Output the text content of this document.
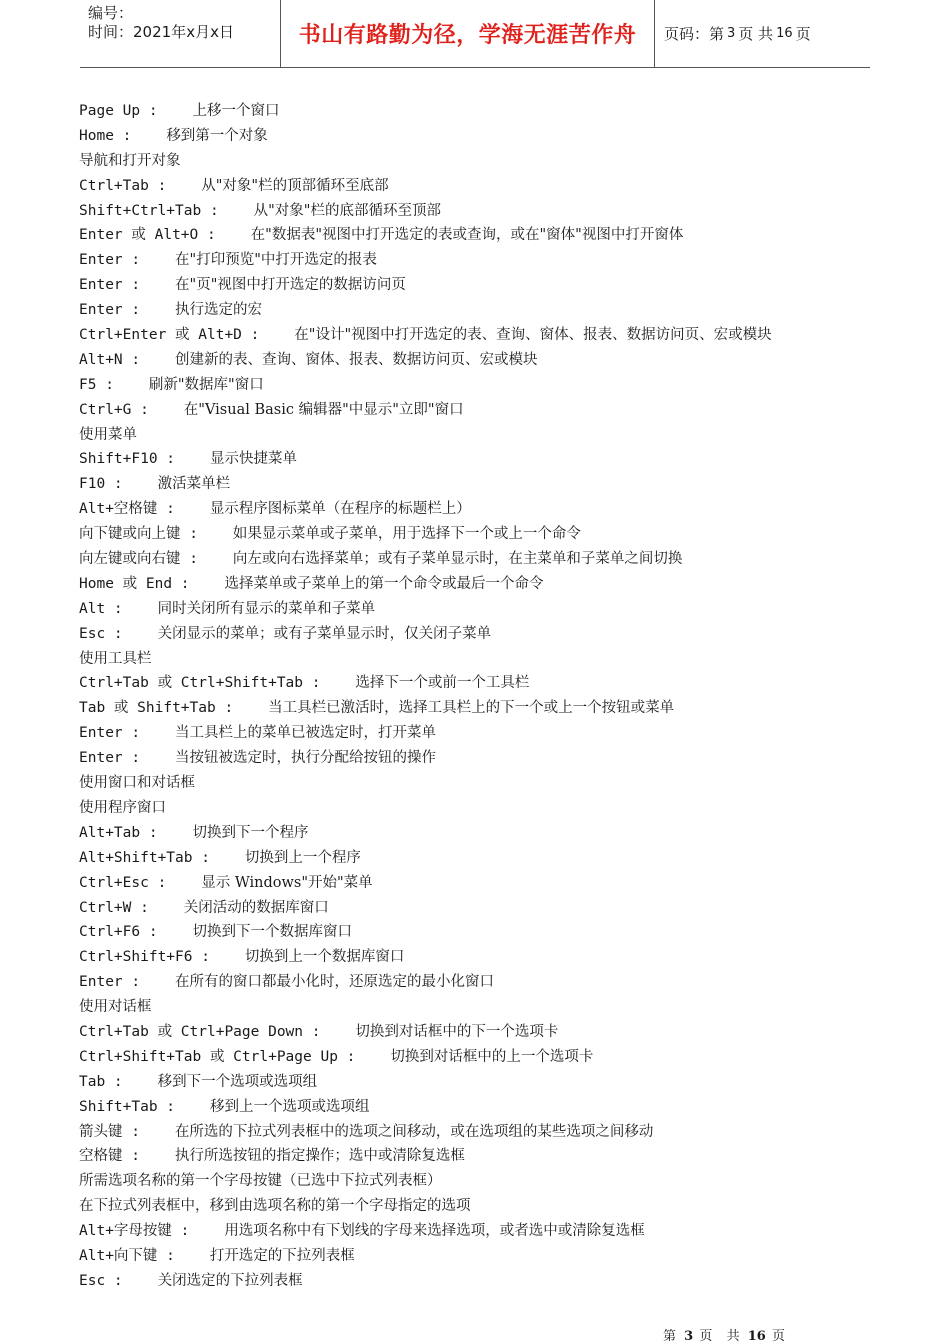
编号：
时间：2021年x月x日	书山有路勤为径，学海无涯苦作舟	页码：第 3 页 共 16 页
Page Up :    上移一个窗口
Home :    移到第一个对象
导航和打开对象
Ctrl+Tab :    从"对象"栏的顶部循环至底部
Shift+Ctrl+Tab :    从"对象"栏的底部循环至顶部
Enter 或 Alt+O :    在"数据表"视图中打开选定的表或查询，或在"窗体"视图中打开窗体
Enter :    在"打印预览"中打开选定的报表
Enter :    在"页"视图中打开选定的数据访问页
Enter :    执行选定的宏
Ctrl+Enter 或 Alt+D :    在"设计"视图中打开选定的表、查询、窗体、报表、数据访问页、宏或模块
Alt+N :    创建新的表、查询、窗体、报表、数据访问页、宏或模块
F5 :    刷新"数据库"窗口
Ctrl+G :    在"Visual Basic 编辑器"中显示"立即"窗口
使用菜单
Shift+F10 :    显示快捷菜单
F10 :    激活菜单栏
Alt+空格键 :    显示程序图标菜单（在程序的标题栏上）
向下键或向上键 :    如果显示菜单或子菜单，用于选择下一个或上一个命令
向左键或向右键 :    向左或向右选择菜单；或有子菜单显示时，在主菜单和子菜单之间切换
Home 或 End :    选择菜单或子菜单上的第一个命令或最后一个命令
Alt :    同时关闭所有显示的菜单和子菜单
Esc :    关闭显示的菜单；或有子菜单显示时，仅关闭子菜单
使用工具栏
Ctrl+Tab 或 Ctrl+Shift+Tab :    选择下一个或前一个工具栏
Tab 或 Shift+Tab :    当工具栏已激活时，选择工具栏上的下一个或上一个按钮或菜单
Enter :    当工具栏上的菜单已被选定时，打开菜单
Enter :    当按钮被选定时，执行分配给按钮的操作
使用窗口和对话框
使用程序窗口
Alt+Tab :    切换到下一个程序
Alt+Shift+Tab :    切换到上一个程序
Ctrl+Esc :    显示 Windows"开始"菜单
Ctrl+W :    关闭活动的数据库窗口
Ctrl+F6 :    切换到下一个数据库窗口
Ctrl+Shift+F6 :    切换到上一个数据库窗口
Enter :    在所有的窗口都最小化时，还原选定的最小化窗口
使用对话框
Ctrl+Tab 或 Ctrl+Page Down :    切换到对话框中的下一个选项卡
Ctrl+Shift+Tab 或 Ctrl+Page Up :    切换到对话框中的上一个选项卡
Tab :    移到下一个选项或选项组
Shift+Tab :    移到上一个选项或选项组
箭头键 :    在所选的下拉式列表框中的选项之间移动，或在选项组的某些选项之间移动
空格键 :    执行所选按钮的指定操作；选中或清除复选框
所需选项名称的第一个字母按键（已选中下拉式列表框）
在下拉式列表框中，移到由选项名称的第一个字母指定的选项
Alt+字母按键 :    用选项名称中有下划线的字母来选择选项，或者选中或清除复选框
Alt+向下键 :    打开选定的下拉列表框
Esc :    关闭选定的下拉列表框
第 3 页  共 16 页
